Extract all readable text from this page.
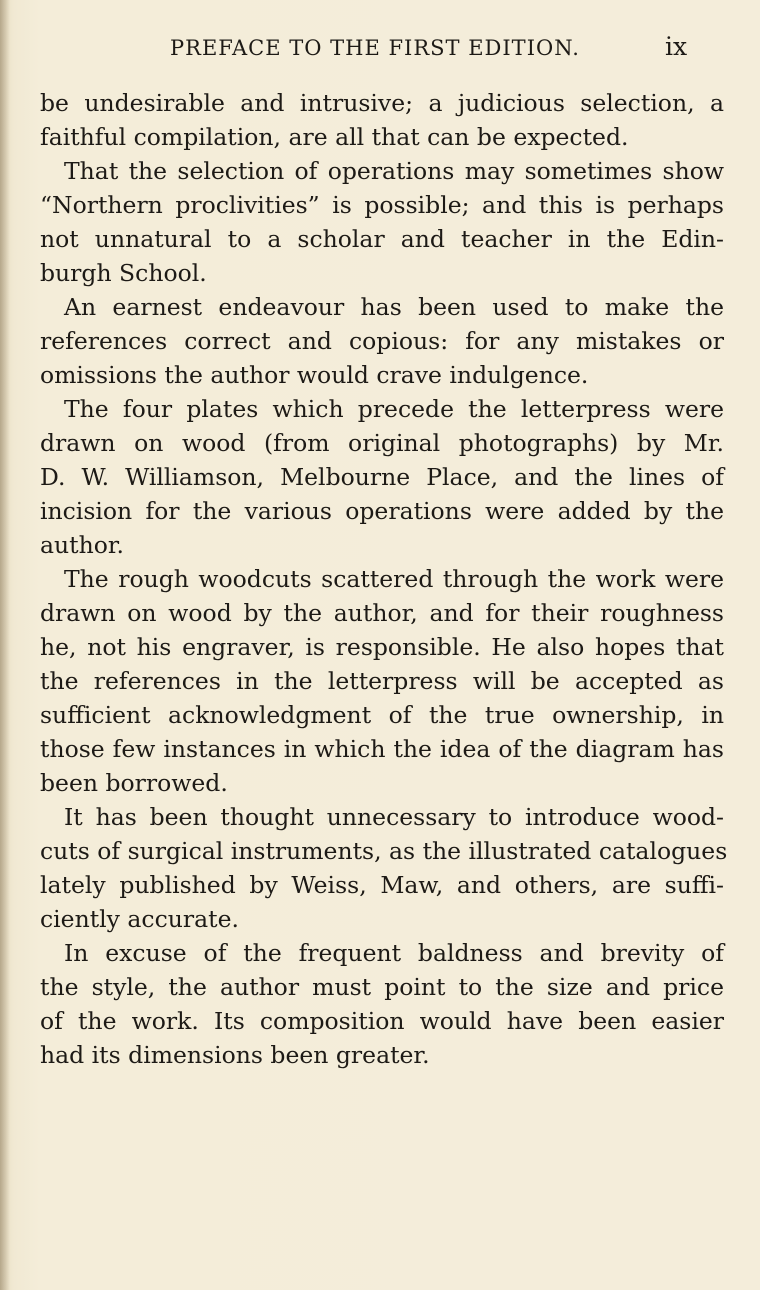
PREFACE TO THE FIRST EDITION.	ix
be undesirable and intrusive; a judicious selection, a
faithful compilation, are all that can be expected.
That the selection of operations may sometimes show
“Northern proclivities” is possible; and this is perhaps
not unnatural to a scholar and teacher in the Edin-
burgh School.
An earnest endeavour has been used to make the
references correct and copious: for any mistakes or
omissions the author would crave indulgence.
The four plates which precede the letterpress were
drawn on wood (from original photographs) by Mr.
D. W. Williamson, Melbourne Place, and the lines of
incision for the various operations were added by the
author.
The rough woodcuts scattered through the work were
drawn on wood by the author, and for their roughness
he, not his engraver, is responsible. He also hopes that
the references in the letterpress will be accepted as
sufficient acknowledgment of the true ownership, in
those few instances in which the idea of the diagram has
been borrowed.
It has been thought unnecessary to introduce wood-
cuts of surgical instruments, as the illustrated catalogues
lately published by Weiss, Maw, and others, are suffi-
ciently accurate.
In excuse of the frequent baldness and brevity of
the style, the author must point to the size and price
of the work. Its composition would have been easier
had its dimensions been greater.
